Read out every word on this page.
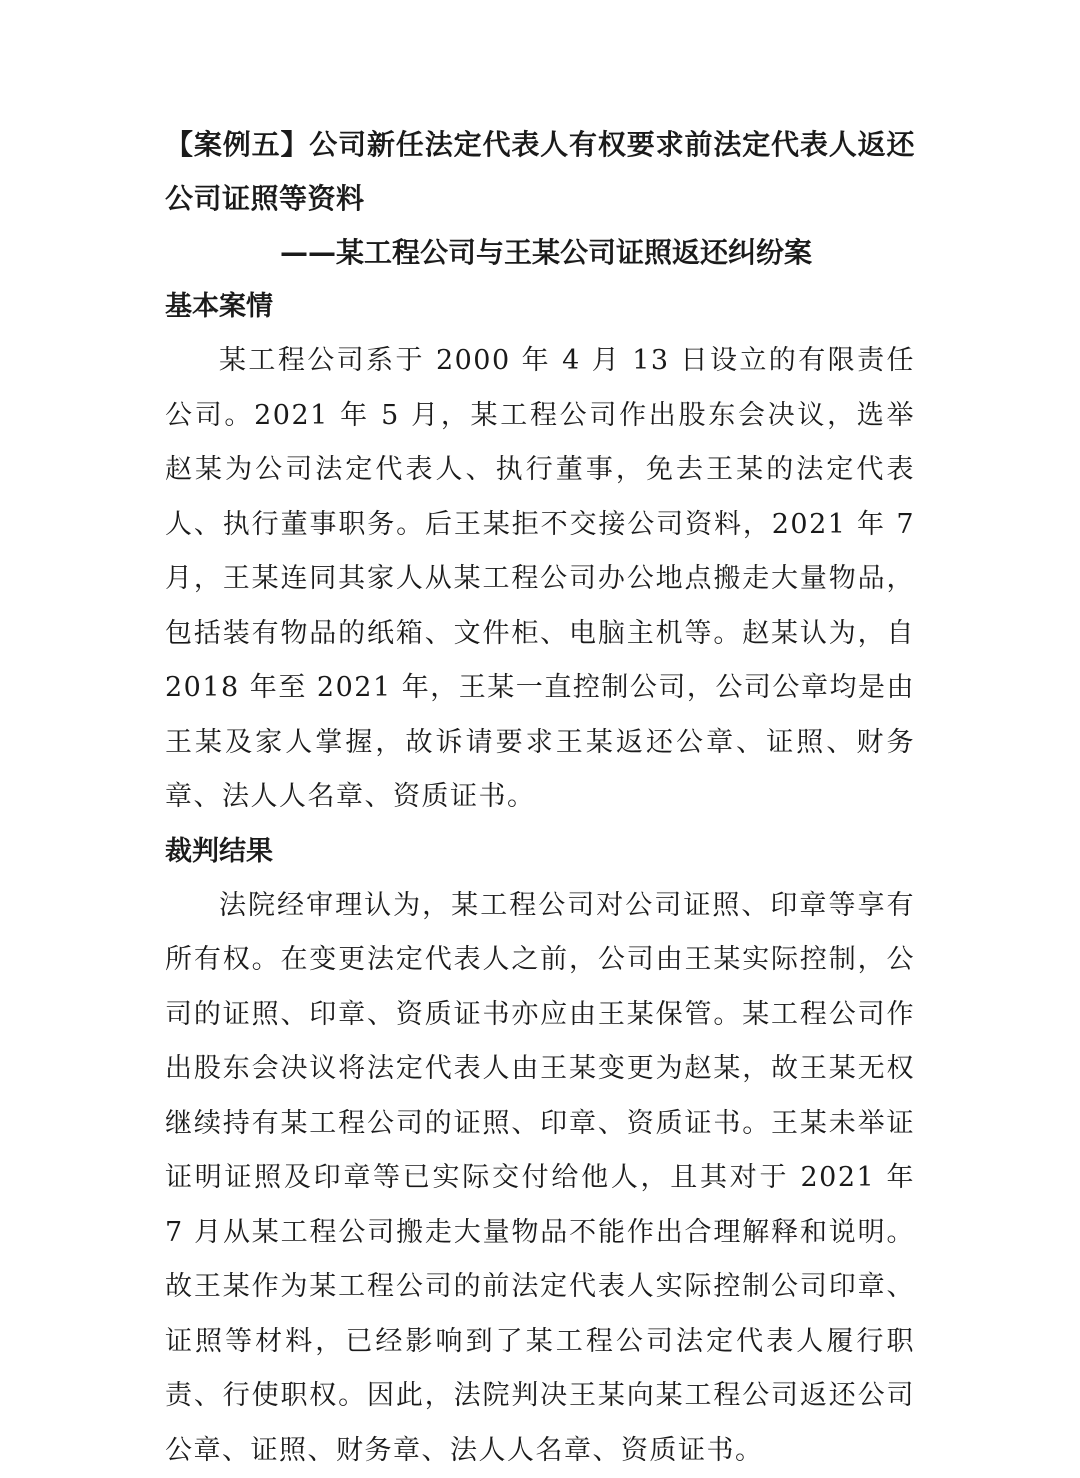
【案例五】公司新任法定代表人有权要求前法定代表人返还公司证照等资料
——某工程公司与王某公司证照返还纠纷案
基本案情

某工程公司系于 2000 年 4 月 13 日设立的有限责任公司。2021 年 5 月，某工程公司作出股东会决议，选举赵某为公司法定代表人、执行董事，免去王某的法定代表人、执行董事职务。后王某拒不交接公司资料，2021 年 7 月，王某连同其家人从某工程公司办公地点搬走大量物品，包括装有物品的纸箱、文件柜、电脑主机等。赵某认为，自 2018 年至 2021 年，王某一直控制公司，公司公章均是由王某及家人掌握，故诉请要求王某返还公章、证照、财务章、法人人名章、资质证书。

裁判结果

法院经审理认为，某工程公司对公司证照、印章等享有所有权。在变更法定代表人之前，公司由王某实际控制，公司的证照、印章、资质证书亦应由王某保管。某工程公司作出股东会决议将法定代表人由王某变更为赵某，故王某无权继续持有某工程公司的证照、印章、资质证书。王某未举证证明证照及印章等已实际交付给他人，且其对于 2021 年 7 月从某工程公司搬走大量物品不能作出合理解释和说明。故王某作为某工程公司的前法定代表人实际控制公司印章、证照等材料，已经影响到了某工程公司法定代表人履行职责、行使职权。因此，法院判决王某向某工程公司返还公司公章、证照、财务章、法人人名章、资质证书。
